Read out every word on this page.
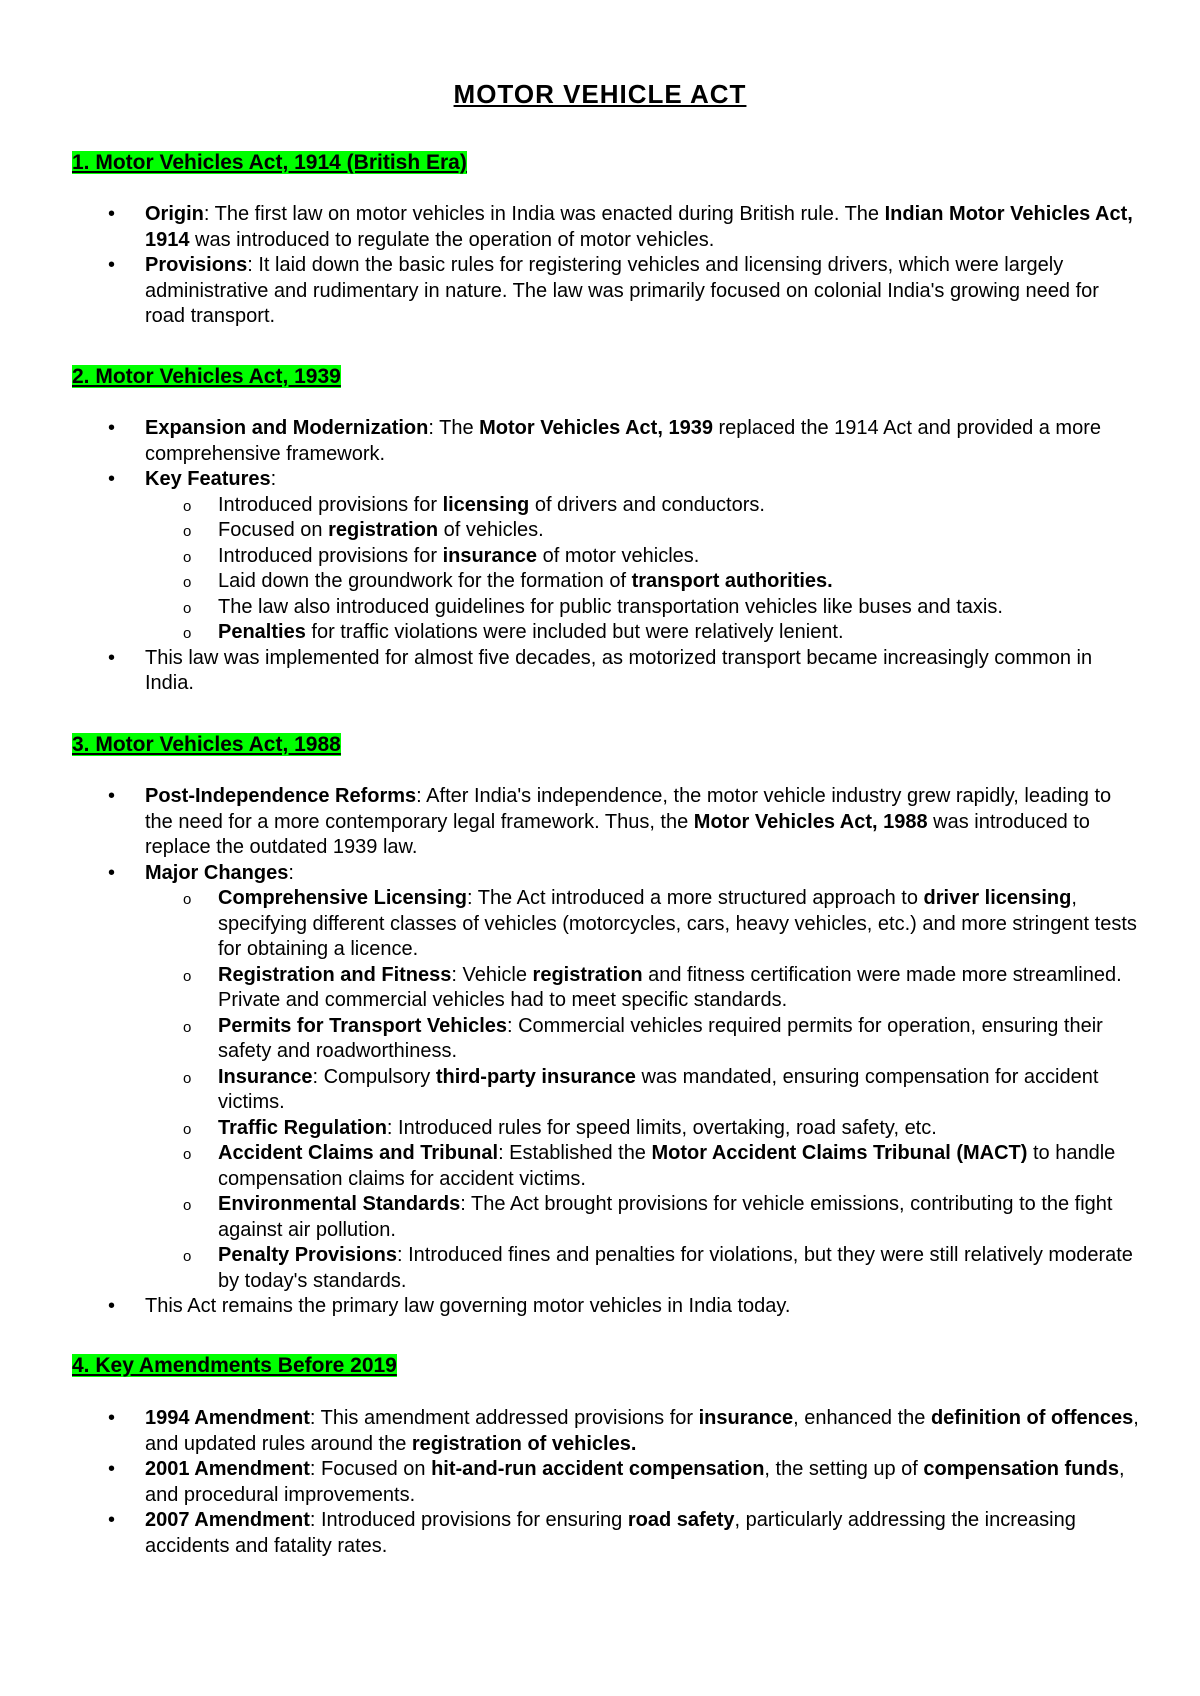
MOTOR VEHICLE ACT
1. Motor Vehicles Act, 1914 (British Era)
• Origin: The first law on motor vehicles in India was enacted during British rule. The Indian Motor Vehicles Act, 1914 was introduced to regulate the operation of motor vehicles.
• Provisions: It laid down the basic rules for registering vehicles and licensing drivers, which were largely administrative and rudimentary in nature. The law was primarily focused on colonial India's growing need for road transport.
2. Motor Vehicles Act, 1939
• Expansion and Modernization: The Motor Vehicles Act, 1939 replaced the 1914 Act and provided a more comprehensive framework.
• Key Features:
o Introduced provisions for licensing of drivers and conductors.
o Focused on registration of vehicles.
o Introduced provisions for insurance of motor vehicles.
o Laid down the groundwork for the formation of transport authorities.
o The law also introduced guidelines for public transportation vehicles like buses and taxis.
o Penalties for traffic violations were included but were relatively lenient.
• This law was implemented for almost five decades, as motorized transport became increasingly common in India.
3. Motor Vehicles Act, 1988
• Post-Independence Reforms: After India's independence, the motor vehicle industry grew rapidly, leading to the need for a more contemporary legal framework. Thus, the Motor Vehicles Act, 1988 was introduced to replace the outdated 1939 law.
• Major Changes:
o Comprehensive Licensing: The Act introduced a more structured approach to driver licensing, specifying different classes of vehicles (motorcycles, cars, heavy vehicles, etc.) and more stringent tests for obtaining a licence.
o Registration and Fitness: Vehicle registration and fitness certification were made more streamlined. Private and commercial vehicles had to meet specific standards.
o Permits for Transport Vehicles: Commercial vehicles required permits for operation, ensuring their safety and roadworthiness.
o Insurance: Compulsory third-party insurance was mandated, ensuring compensation for accident victims.
o Traffic Regulation: Introduced rules for speed limits, overtaking, road safety, etc.
o Accident Claims and Tribunal: Established the Motor Accident Claims Tribunal (MACT) to handle compensation claims for accident victims.
o Environmental Standards: The Act brought provisions for vehicle emissions, contributing to the fight against air pollution.
o Penalty Provisions: Introduced fines and penalties for violations, but they were still relatively moderate by today's standards.
• This Act remains the primary law governing motor vehicles in India today.
4. Key Amendments Before 2019
• 1994 Amendment: This amendment addressed provisions for insurance, enhanced the definition of offences, and updated rules around the registration of vehicles.
• 2001 Amendment: Focused on hit-and-run accident compensation, the setting up of compensation funds, and procedural improvements.
• 2007 Amendment: Introduced provisions for ensuring road safety, particularly addressing the increasing accidents and fatality rates.
